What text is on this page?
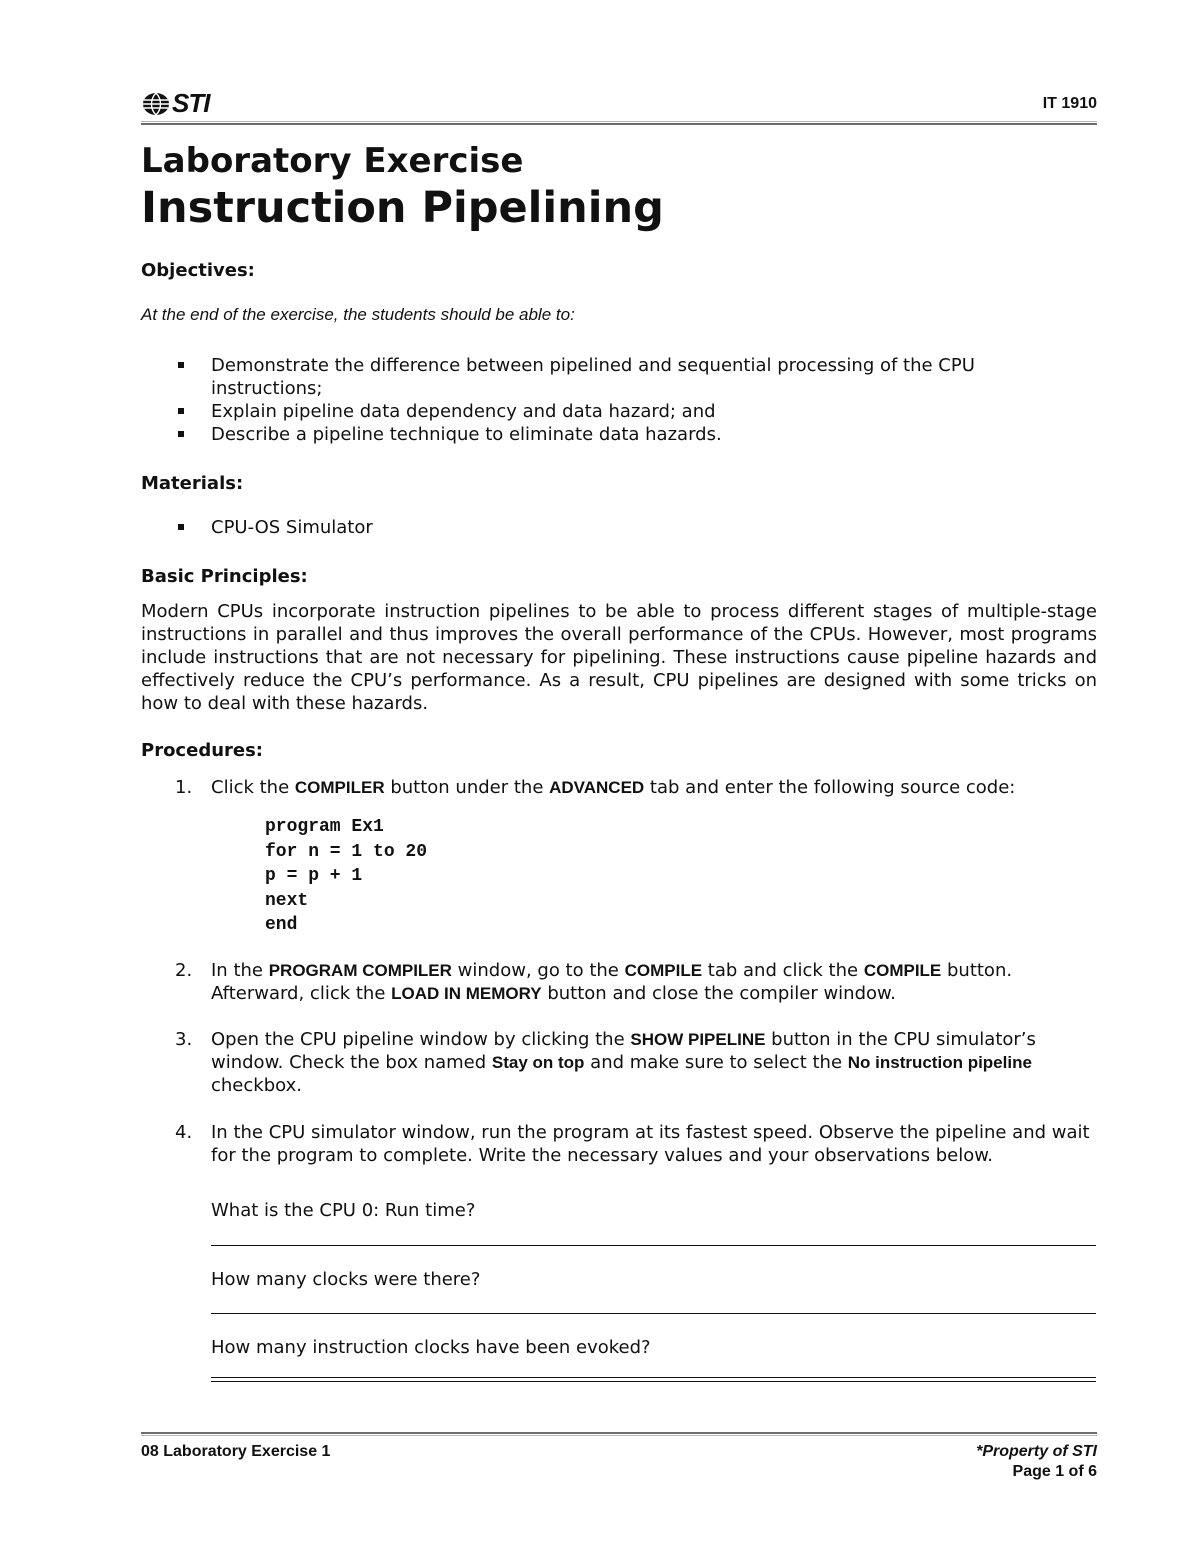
STI	IT 1910
Laboratory Exercise
Instruction Pipelining
Objectives:
At the end of the exercise, the students should be able to:
Demonstrate the difference between pipelined and sequential processing of the CPU instructions;
Explain pipeline data dependency and data hazard; and
Describe a pipeline technique to eliminate data hazards.
Materials:
CPU-OS Simulator
Basic Principles:
Modern CPUs incorporate instruction pipelines to be able to process different stages of multiple-stage instructions in parallel and thus improves the overall performance of the CPUs. However, most programs include instructions that are not necessary for pipelining. These instructions cause pipeline hazards and effectively reduce the CPU’s performance. As a result, CPU pipelines are designed with some tricks on how to deal with these hazards.
Procedures:
1. Click the COMPILER button under the ADVANCED tab and enter the following source code:
program Ex1
for n = 1 to 20
p = p + 1
next
end
2. In the PROGRAM COMPILER window, go to the COMPILE tab and click the COMPILE button. Afterward, click the LOAD IN MEMORY button and close the compiler window.
3. Open the CPU pipeline window by clicking the SHOW PIPELINE button in the CPU simulator’s window. Check the box named Stay on top and make sure to select the No instruction pipeline checkbox.
4. In the CPU simulator window, run the program at its fastest speed. Observe the pipeline and wait for the program to complete. Write the necessary values and your observations below.
What is the CPU 0: Run time?
How many clocks were there?
How many instruction clocks have been evoked?
08 Laboratory Exercise 1	*Property of STI
Page 1 of 6
